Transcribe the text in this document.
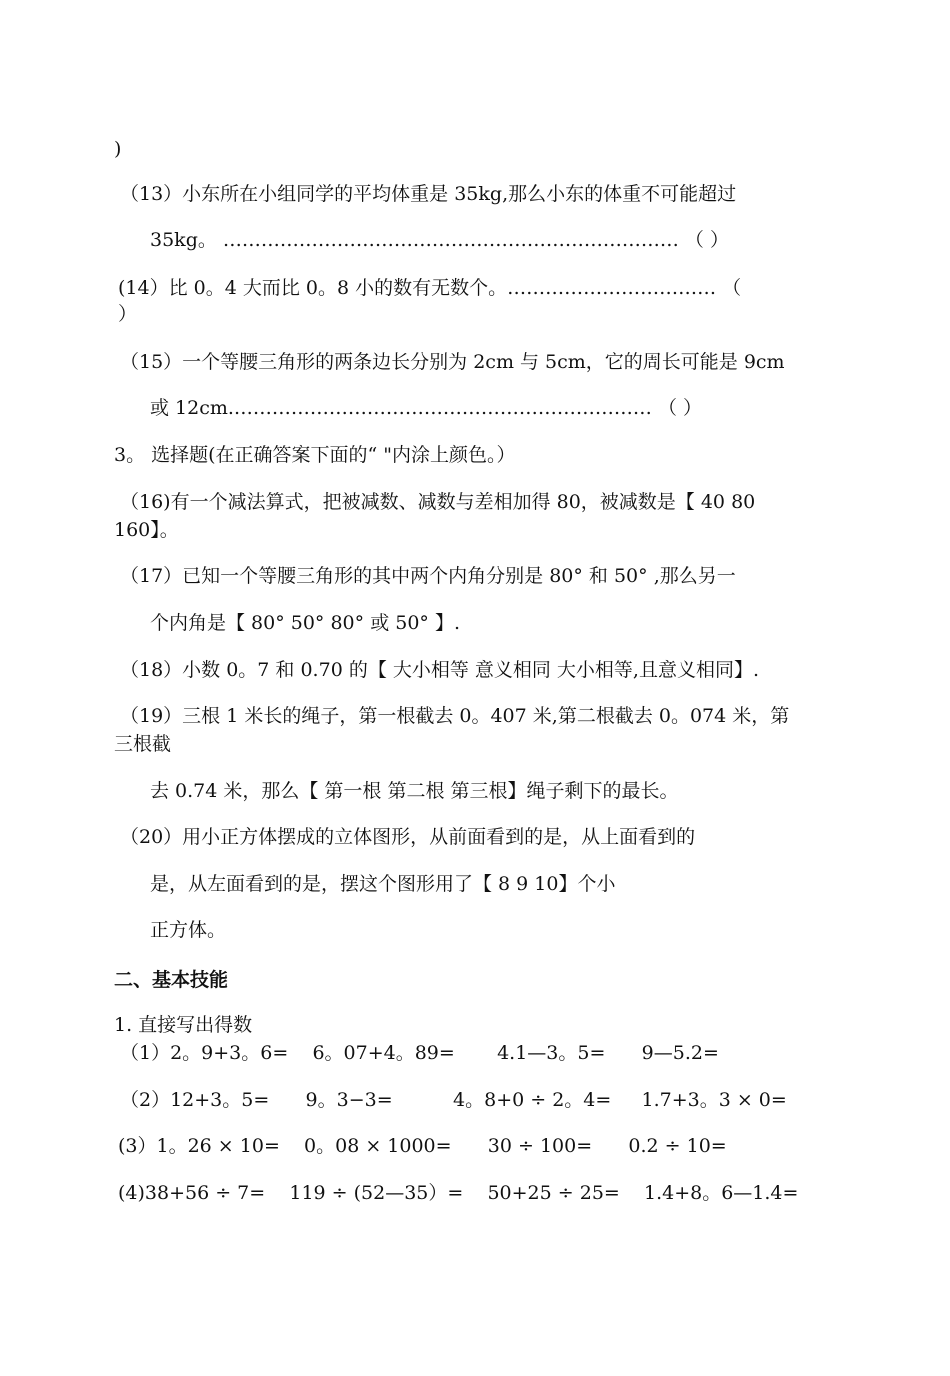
)
（13）小东所在小组同学的平均体重是 35kg,那么小东的体重不可能超过
35kg。 ……………………………………………………………… （ ）
(14）比 0。4 大而比 0。8 小的数有无数个。…………………………… （
）
（15）一个等腰三角形的两条边长分别为 2cm 与 5cm，它的周长可能是 9cm
或 12cm.………………………………………………………… （ ）
3。 选择题(在正确答案下面的“ "内涂上颜色。）
（16)有一个减法算式，把被减数、减数与差相加得 80，被减数是【 40 80
160】。
（17）已知一个等腰三角形的其中两个内角分别是 80° 和 50° ,那么另一
个内角是【 80° 50° 80° 或 50° 】.
（18）小数 0。7 和 0.70 的【 大小相等 意义相同 大小相等,且意义相同】.
（19）三根 1 米长的绳子，第一根截去 0。407 米,第二根截去 0。074 米，第
三根截
去 0.74 米，那么【 第一根 第二根 第三根】绳子剩下的最长。
（20）用小正方体摆成的立体图形，从前面看到的是，从上面看到的
是，从左面看到的是，摆这个图形用了【 8 9 10】个小
正方体。
二、基本技能
1. 直接写出得数
（1）2。9+3。6=    6。07+4。89=       4.1—3。5=      9—5.2=
（2）12+3。5=      9。3−3=          4。8+0 ÷ 2。4=     1.7+3。3 × 0=
(3）1。26 × 10=    0。08 × 1000=      30 ÷ 100=      0.2 ÷ 10=
(4)38+56 ÷ 7=    119 ÷ (52—35）=    50+25 ÷ 25=    1.4+8。6—1.4=
